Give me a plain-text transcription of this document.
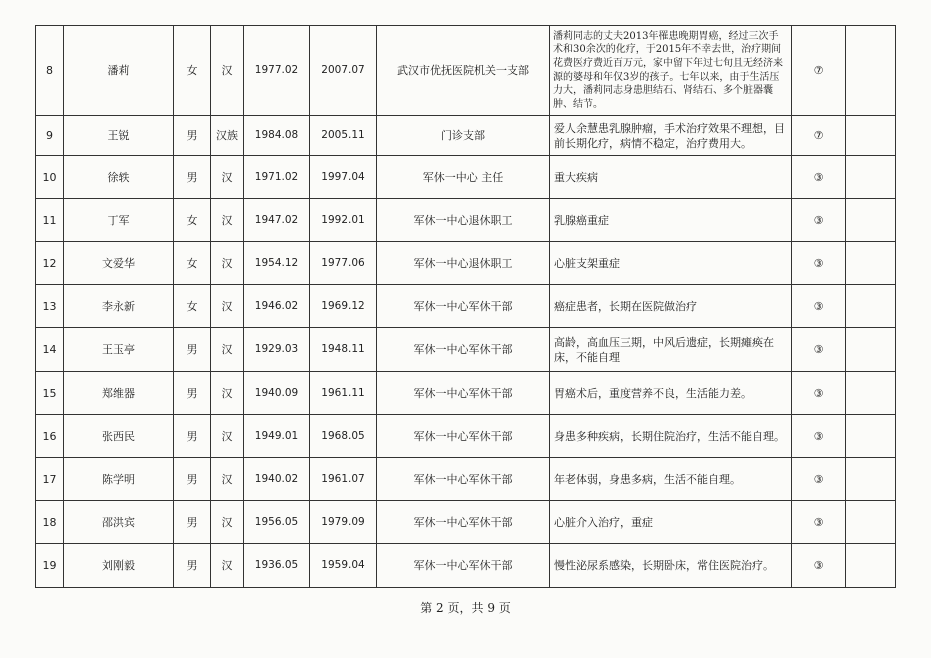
8	潘莉	女	汉	1977.02	2007.07	武汉市优抚医院机关一支部	潘莉同志的丈夫2013年罹患晚期胃癌，经过三次手术和30余次的化疗，于2015年不幸去世，治疗期间花费医疗费近百万元，家中留下年过七旬且无经济来源的婆母和年仅3岁的孩子。七年以来，由于生活压力大，潘莉同志身患胆结石、肾结石、多个脏器囊肿、结节。	⑦	
9	王锐	男	汉族	1984.08	2005.11	门诊支部	爱人余慧患乳腺肿瘤，手术治疗效果不理想，目前长期化疗，病情不稳定，治疗费用大。	⑦	
10	徐轶	男	汉	1971.02	1997.04	军休一中心 主任	重大疾病	③	
11	丁军	女	汉	1947.02	1992.01	军休一中心退休职工	乳腺癌重症	③	
12	文爱华	女	汉	1954.12	1977.06	军休一中心退休职工	心脏支架重症	③	
13	李永新	女	汉	1946.02	1969.12	军休一中心军休干部	癌症患者，长期在医院做治疗	③	
14	王玉亭	男	汉	1929.03	1948.11	军休一中心军休干部	高龄，高血压三期，中风后遗症，长期瘫痪在床，不能自理	③	
15	郑维器	男	汉	1940.09	1961.11	军休一中心军休干部	胃癌术后，重度营养不良，生活能力差。	③	
16	张西民	男	汉	1949.01	1968.05	军休一中心军休干部	身患多种疾病，长期住院治疗，生活不能自理。	③	
17	陈学明	男	汉	1940.02	1961.07	军休一中心军休干部	年老体弱，身患多病，生活不能自理。	③	
18	邵洪宾	男	汉	1956.05	1979.09	军休一中心军休干部	心脏介入治疗，重症	③	
19	刘刚毅	男	汉	1936.05	1959.04	军休一中心军休干部	慢性泌尿系感染，长期卧床，常住医院治疗。	③	
第 2 页，共 9 页
